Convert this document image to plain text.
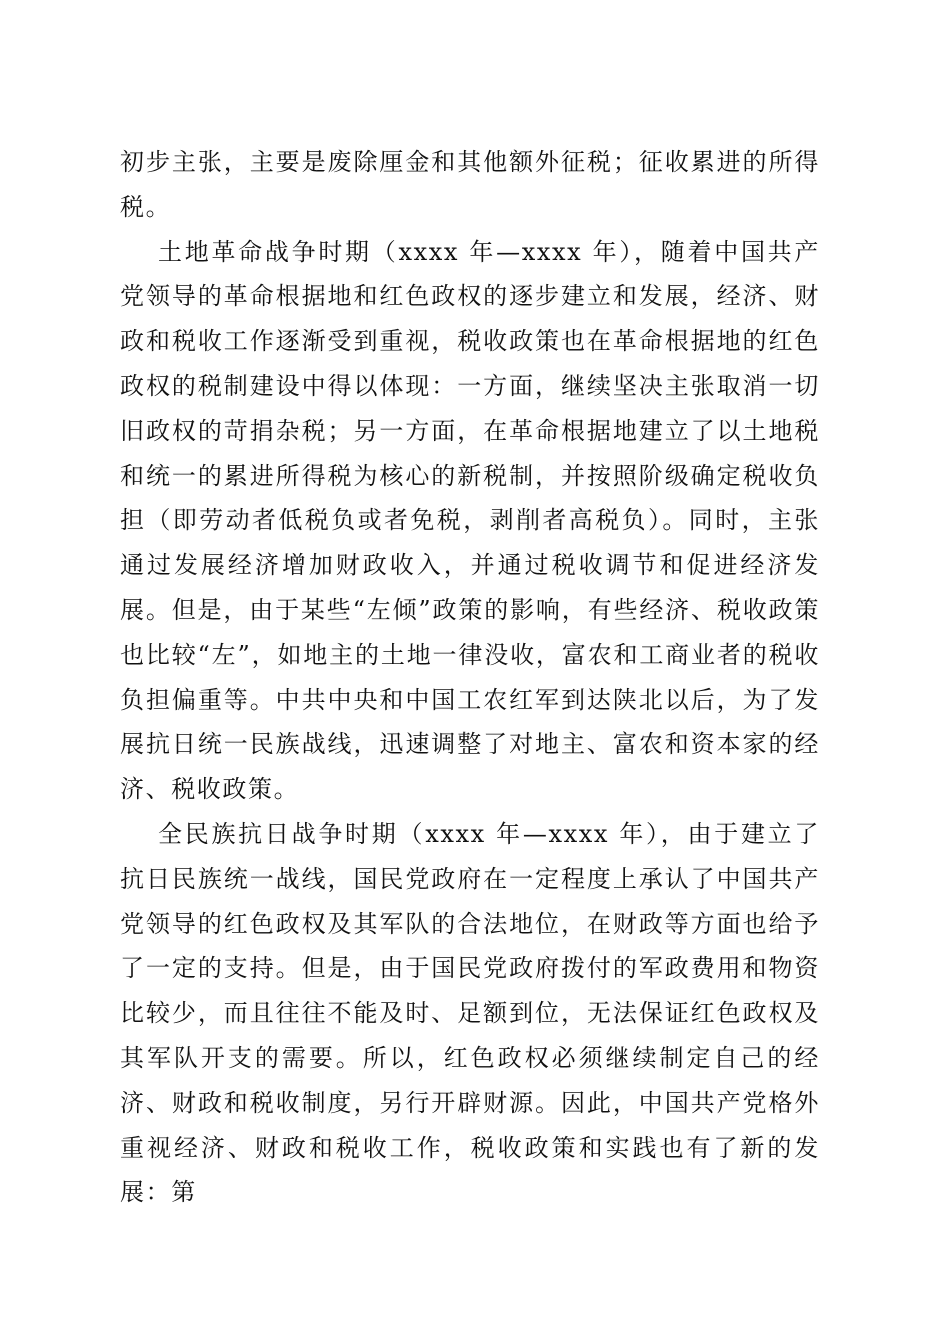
初步主张，主要是废除厘金和其他额外征税；征收累进的所得税。

土地革命战争时期（xxxx 年—xxxx 年），随着中国共产党领导的革命根据地和红色政权的逐步建立和发展，经济、财政和税收工作逐渐受到重视，税收政策也在革命根据地的红色政权的税制建设中得以体现：一方面，继续坚决主张取消一切旧政权的苛捐杂税；另一方面，在革命根据地建立了以土地税和统一的累进所得税为核心的新税制，并按照阶级确定税收负担（即劳动者低税负或者免税，剥削者高税负）。同时，主张通过发展经济增加财政收入，并通过税收调节和促进经济发展。但是，由于某些“左倾”政策的影响，有些经济、税收政策也比较“左”，如地主的土地一律没收，富农和工商业者的税收负担偏重等。中共中央和中国工农红军到达陕北以后，为了发展抗日统一民族战线，迅速调整了对地主、富农和资本家的经济、税收政策。

全民族抗日战争时期（xxxx 年—xxxx 年），由于建立了抗日民族统一战线，国民党政府在一定程度上承认了中国共产党领导的红色政权及其军队的合法地位，在财政等方面也给予了一定的支持。但是，由于国民党政府拨付的军政费用和物资比较少，而且往往不能及时、足额到位，无法保证红色政权及其军队开支的需要。所以，红色政权必须继续制定自己的经济、财政和税收制度，另行开辟财源。因此，中国共产党格外重视经济、财政和税收工作，税收政策和实践也有了新的发展：第
